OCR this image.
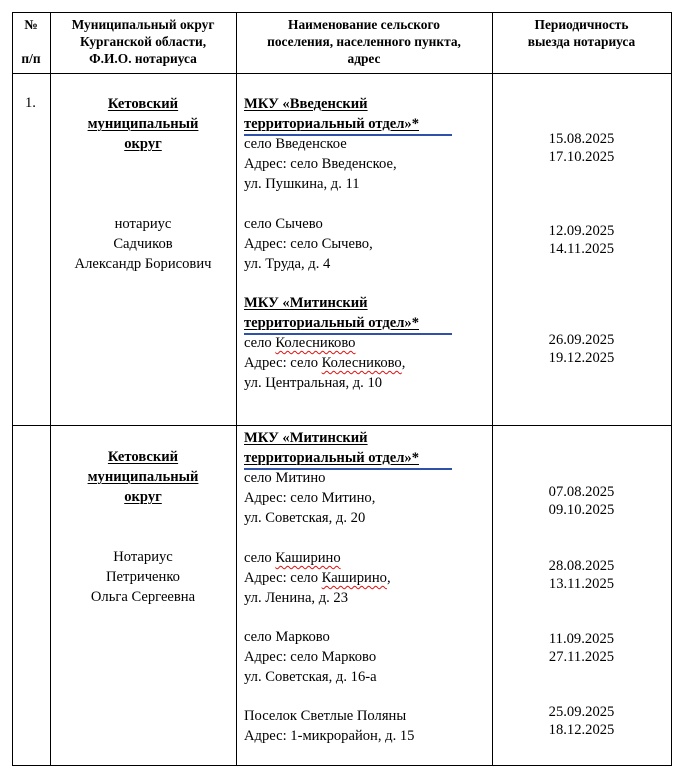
№
п/п
Муниципальный округ
Курганской области,
Ф.И.О. нотариуса
Наименование сельского
поселения, населенного пункта,
адрес
Периодичность
выезда нотариуса
1.	Кетовский
муниципальный
округ
нотариус
Садчиков
Александр Борисович
МКУ «Введенский
территориальный отдел»*
село Введенское
Адрес: село Введенское,
ул. Пушкина, д. 11
15.08.2025
17.10.2025
село Сычево
Адрес: село Сычево,
ул. Труда, д. 4
12.09.2025
14.11.2025
МКУ «Митинский
территориальный отдел»*
село Колесниково
Адрес: село Колесниково,
ул. Центральная, д. 10
26.09.2025
19.12.2025
Кетовский
муниципальный
округ
Нотариус
Петриченко
Ольга Сергеевна
МКУ «Митинский
территориальный отдел»*
село Митино
Адрес: село Митино,
ул. Советская, д. 20
07.08.2025
09.10.2025
село Каширино
Адрес: село Каширино,
ул. Ленина, д. 23
28.08.2025
13.11.2025
село Марково
Адрес: село Марково
ул. Советская, д. 16-а
11.09.2025
27.11.2025
Поселок Светлые Поляны
Адрес: 1-микрорайон, д. 15
25.09.2025
18.12.2025
